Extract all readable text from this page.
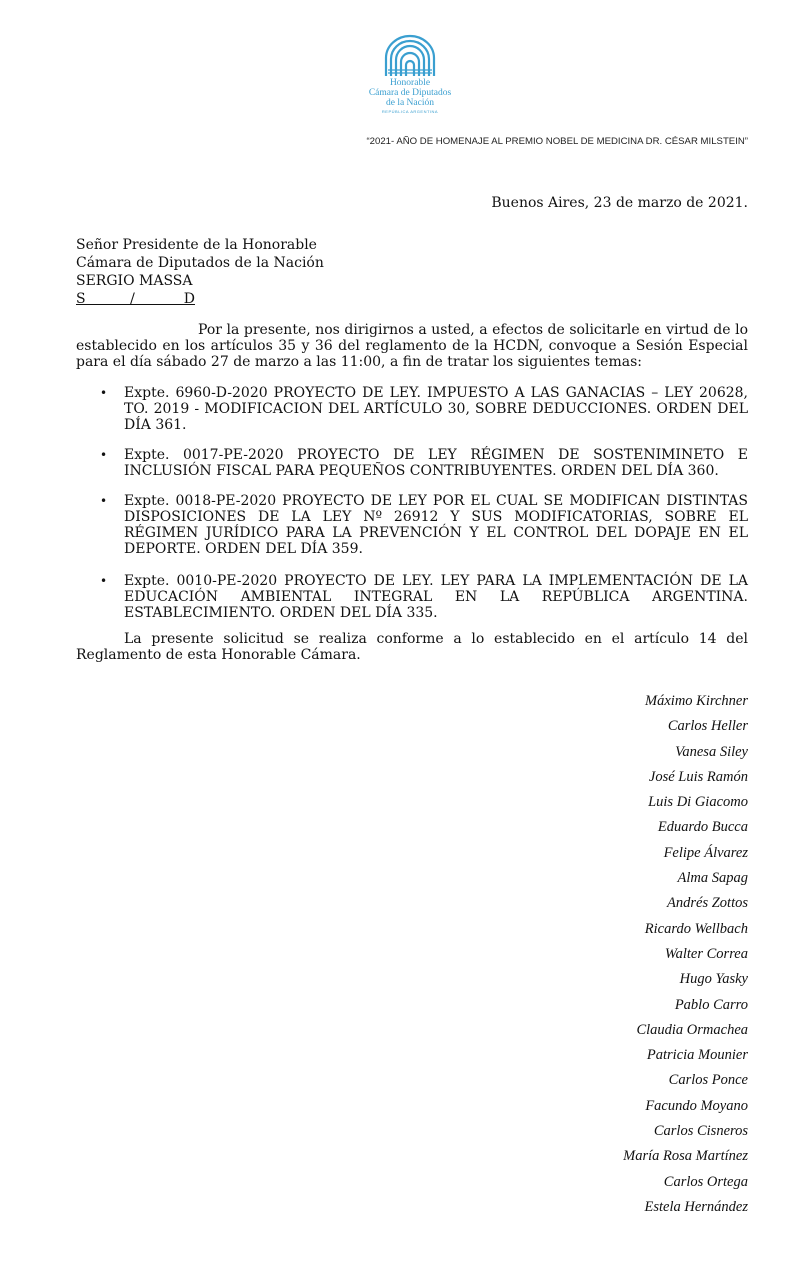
Honorable
Cámara de Diputados
de la Nación
REPÚBLICA ARGENTINA
“2021- AÑO DE HOMENAJE AL PREMIO NOBEL DE MEDICINA DR. CÉSAR MILSTEIN”
Buenos Aires, 23 de marzo de 2021.
Señor Presidente de la Honorable
Cámara de Diputados de la Nación
SERGIO MASSA
S          /           D
Por la presente, nos dirigirnos a usted, a efectos de solicitarle en virtud de lo establecido en los artículos 35 y 36 del reglamento de la HCDN, convoque a Sesión Especial para el día sábado 27 de marzo a las 11:00, a fin de tratar los siguientes temas:
• Expte. 6960-D-2020 PROYECTO DE LEY. IMPUESTO A LAS GANACIAS – LEY 20628, TO. 2019 - MODIFICACION DEL ARTÍCULO 30, SOBRE DEDUCCIONES. ORDEN DEL DÍA 361.
• Expte. 0017-PE-2020 PROYECTO DE LEY RÉGIMEN DE SOSTENIMINETO E INCLUSIÓN FISCAL PARA PEQUEÑOS CONTRIBUYENTES. ORDEN DEL DÍA 360.
• Expte. 0018-PE-2020 PROYECTO DE LEY POR EL CUAL SE MODIFICAN DISTINTAS DISPOSICIONES DE LA LEY Nº 26912 Y SUS MODIFICATORIAS, SOBRE EL RÉGIMEN JURÍDICO PARA LA PREVENCIÓN Y EL CONTROL DEL DOPAJE EN EL DEPORTE. ORDEN DEL DÍA 359.
• Expte. 0010-PE-2020 PROYECTO DE LEY. LEY PARA LA IMPLEMENTACIÓN DE LA EDUCACIÓN AMBIENTAL INTEGRAL EN LA REPÚBLICA ARGENTINA. ESTABLECIMIENTO. ORDEN DEL DÍA 335.
La presente solicitud se realiza conforme a lo establecido en el artículo 14 del Reglamento de esta Honorable Cámara.
Máximo Kirchner
Carlos Heller
Vanesa Siley
José Luis Ramón
Luis Di Giacomo
Eduardo Bucca
Felipe Álvarez
Alma Sapag
Andrés Zottos
Ricardo Wellbach
Walter Correa
Hugo Yasky
Pablo Carro
Claudia Ormachea
Patricia Mounier
Carlos Ponce
Facundo Moyano
Carlos Cisneros
María Rosa Martínez
Carlos Ortega
Estela Hernández
